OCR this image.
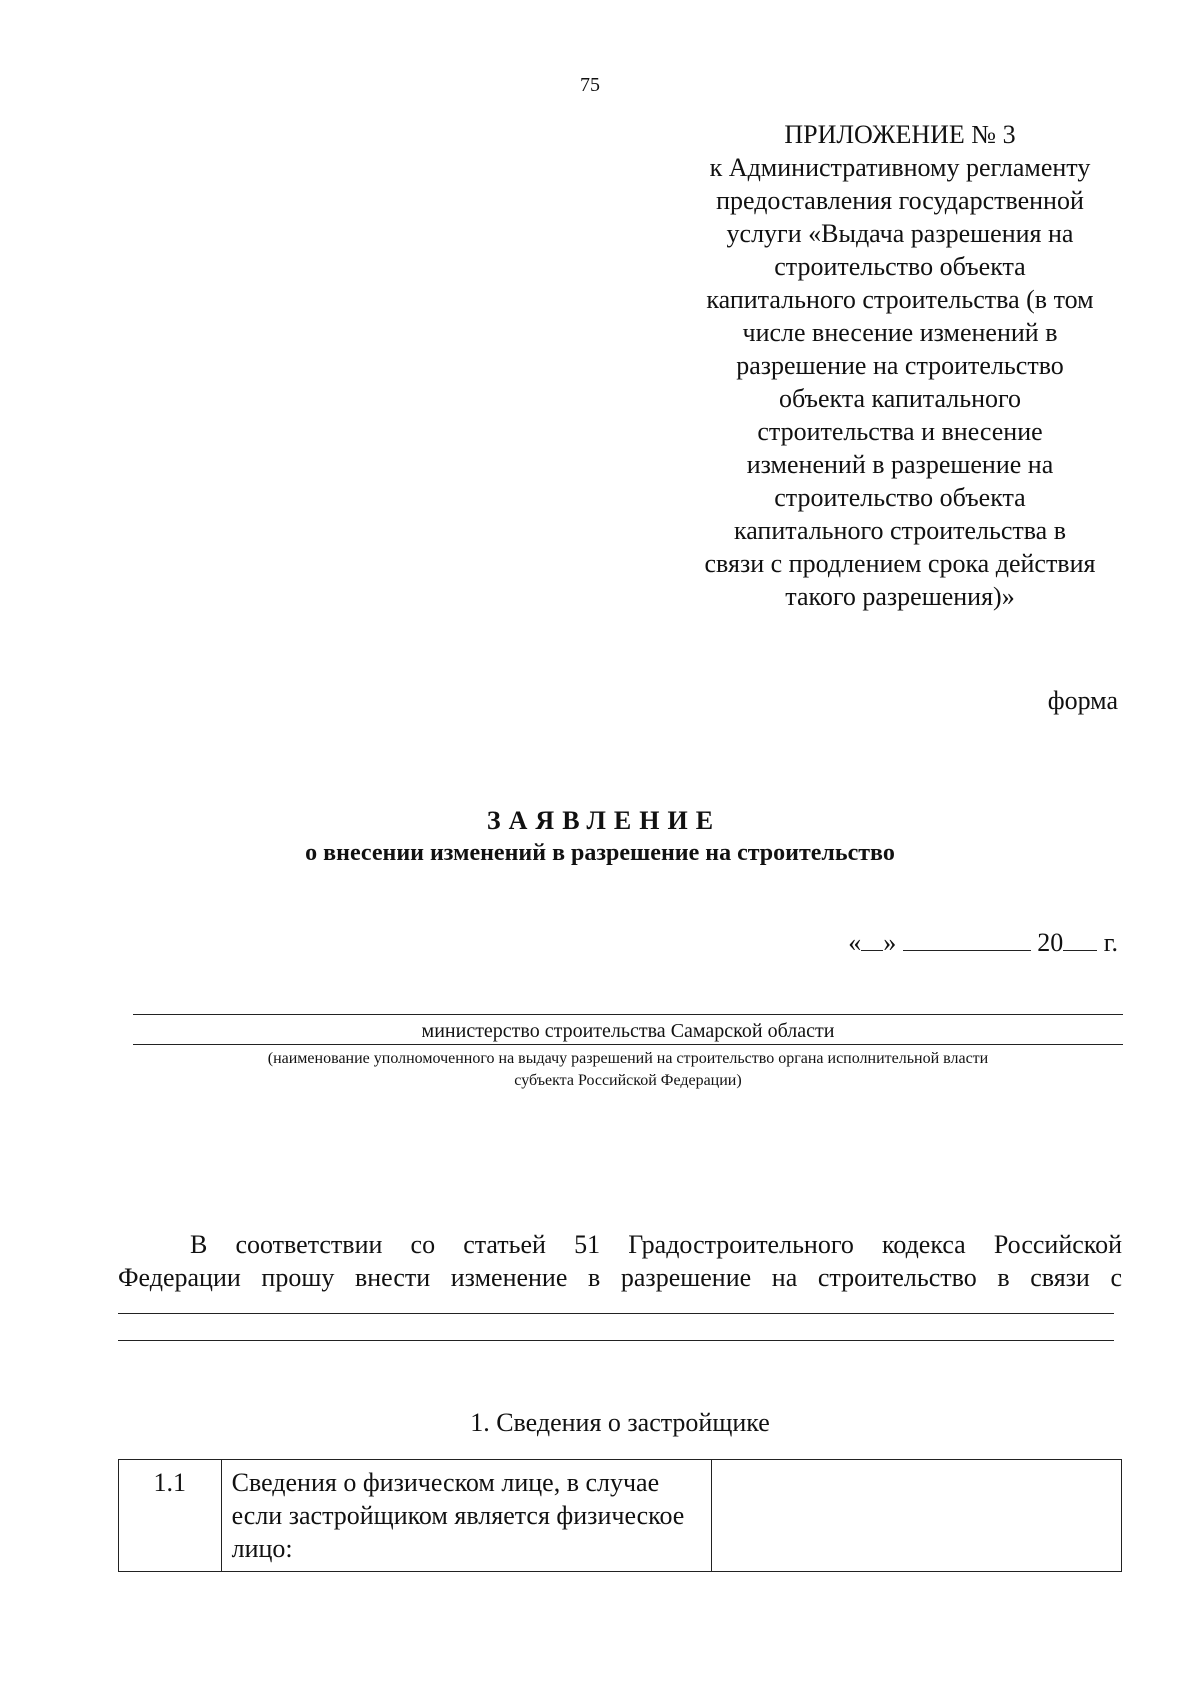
75
ПРИЛОЖЕНИЕ № 3
к Административному регламенту
предоставления государственной
услуги «Выдача разрешения на
строительство объекта
капитального строительства (в том
числе внесение изменений в
разрешение на строительство
объекта капитального
строительства и внесение
изменений в разрешение на
строительство объекта
капитального строительства в
связи с продлением срока действия
такого разрешения)»
форма
ЗАЯВЛЕНИЕ
о внесении изменений в разрешение на строительство
« »	20 г.
министерство строительства Самарской области
(наименование уполномоченного на выдачу разрешений на строительство органа исполнительной власти
субъекта Российской Федерации)
В соответствии со статьей 51 Градостроительного кодекса Российской
Федерации прошу внести изменение в разрешение на строительство в связи с
1. Сведения о застройщике
1.1	Сведения о физическом лице, в случае если застройщиком является физическое лицо:	
